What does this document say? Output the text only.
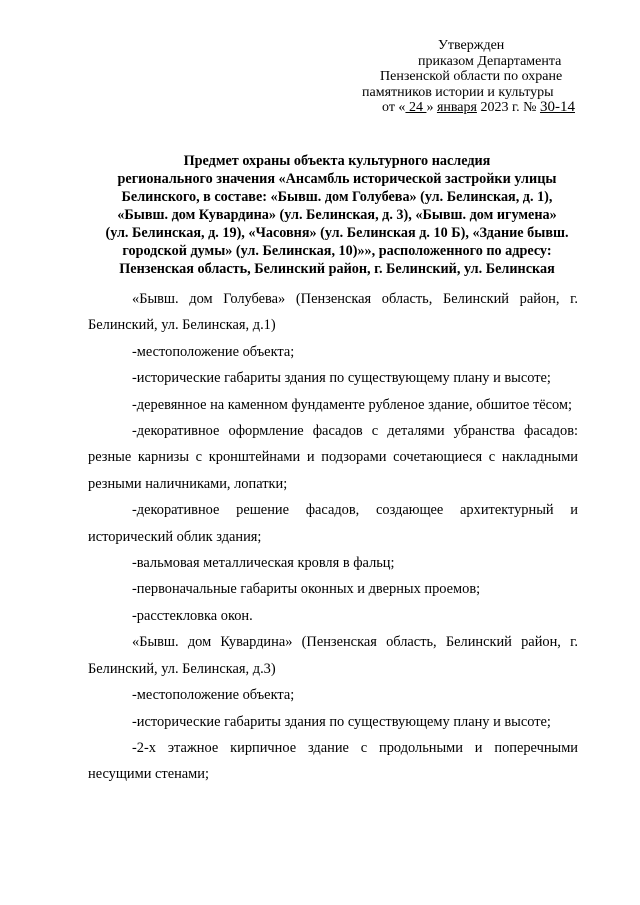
Утвержден
приказом Департамента
Пензенской области по охране
памятников истории и культуры
от « 24 » января 2023 г. № 30-14
Предмет охраны объекта культурного наследия
регионального значения «Ансамбль исторической застройки улицы
Белинского, в составе: «Бывш. дом Голубева» (ул. Белинская, д. 1),
«Бывш. дом Кувардина» (ул. Белинская, д. 3), «Бывш. дом игумена»
(ул. Белинская, д. 19), «Часовня» (ул. Белинская д. 10 Б), «Здание бывш.
городской думы» (ул. Белинская, 10)»», расположенного по адресу:
Пензенская область, Белинский район, г. Белинский, ул. Белинская

«Бывш. дом Голубева» (Пензенская область, Белинский район, г. Белинский, ул. Белинская, д.1)

-местоположение объекта;

-исторические габариты здания по существующему плану и высоте;

-деревянное на каменном фундаменте рубленое здание, обшитое тёсом;

-декоративное оформление фасадов с деталями убранства фасадов: резные карнизы с кронштейнами и подзорами сочетающиеся с накладными резными наличниками, лопатки;

-декоративное решение фасадов, создающее архитектурный и исторический облик здания;

-вальмовая металлическая кровля в фальц;

-первоначальные габариты оконных и дверных проемов;

-расстекловка окон.

«Бывш. дом Кувардина» (Пензенская область, Белинский район, г. Белинский, ул. Белинская, д.3)

-местоположение объекта;

-исторические габариты здания по существующему плану и высоте;

-2-х этажное кирпичное здание с продольными и поперечными несущими стенами;
